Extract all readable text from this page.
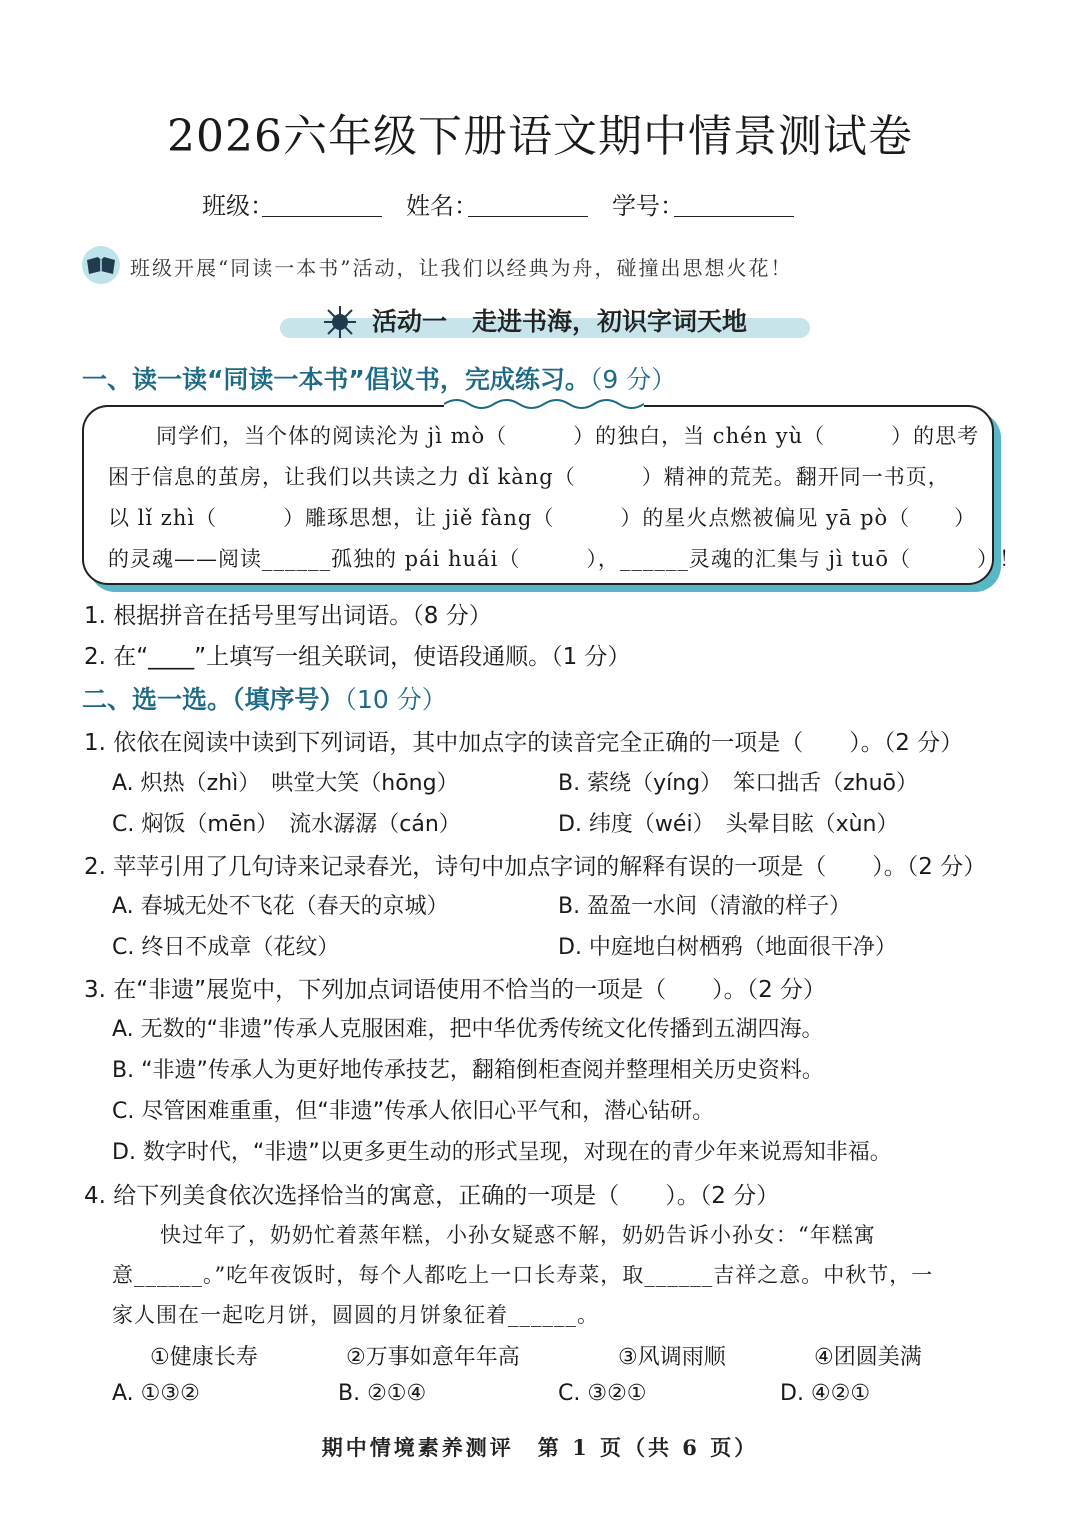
2026六年级下册语文期中情景测试卷
班级：	姓名：	学号：
班级开展“同读一本书”活动，让我们以经典为舟，碰撞出思想火花！
活动一　走进书海，初识字词天地
一、读一读“同读一本书”倡议书，完成练习。（9 分）
同学们，当个体的阅读沦为 jì mò（　　　）的独白，当 chén yù（　　　）的思考
困于信息的茧房，让我们以共读之力 dǐ kàng（　　　）精神的荒芜。翻开同一书页，
以 lǐ zhì（　　　）雕琢思想，让 jiě fàng（　　　）的星火点燃被偏见 yā pò（　　）
的灵魂——阅读______孤独的 pái huái（　　　），______灵魂的汇集与 jì tuō（　　　）！
1. 根据拼音在括号里写出词语。（8 分）
2. 在“____”上填写一组关联词，使语段通顺。（1 分）
二、选一选。（填序号）（10 分）
1. 依依在阅读中读到下列词语，其中加点字的读音完全正确的一项是（　　）。（2 分）
A. 炽热（zhì）　哄堂大笑（hōng）	B. 萦绕（yíng）　笨口拙舌（zhuō）
C. 焖饭（mēn）　流水潺潺（cán）	D. 纬度（wéi）　头晕目眩（xùn）
2. 苹苹引用了几句诗来记录春光，诗句中加点字词的解释有误的一项是（　　）。（2 分）
A. 春城无处不飞花（春天的京城）	B. 盈盈一水间（清澈的样子）
C. 终日不成章（花纹）	D. 中庭地白树栖鸦（地面很干净）
3. 在“非遗”展览中，下列加点词语使用不恰当的一项是（　　）。（2 分）
A. 无数的“非遗”传承人克服困难，把中华优秀传统文化传播到五湖四海。
B. “非遗”传承人为更好地传承技艺，翻箱倒柜查阅并整理相关历史资料。
C. 尽管困难重重，但“非遗”传承人依旧心平气和，潜心钻研。
D. 数字时代，“非遗”以更多更生动的形式呈现，对现在的青少年来说焉知非福。
4. 给下列美食依次选择恰当的寓意，正确的一项是（　　）。（2 分）
快过年了，奶奶忙着蒸年糕，小孙女疑惑不解，奶奶告诉小孙女：“年糕寓
意______。”吃年夜饭时，每个人都吃上一口长寿菜，取______吉祥之意。中秋节，一
家人围在一起吃月饼，圆圆的月饼象征着______。
①健康长寿	②万事如意年年高	③风调雨顺	④团圆美满
A. ①③②	B. ②①④	C. ③②①	D. ④②①
期中情境素养测评　第 1 页（共 6 页）
